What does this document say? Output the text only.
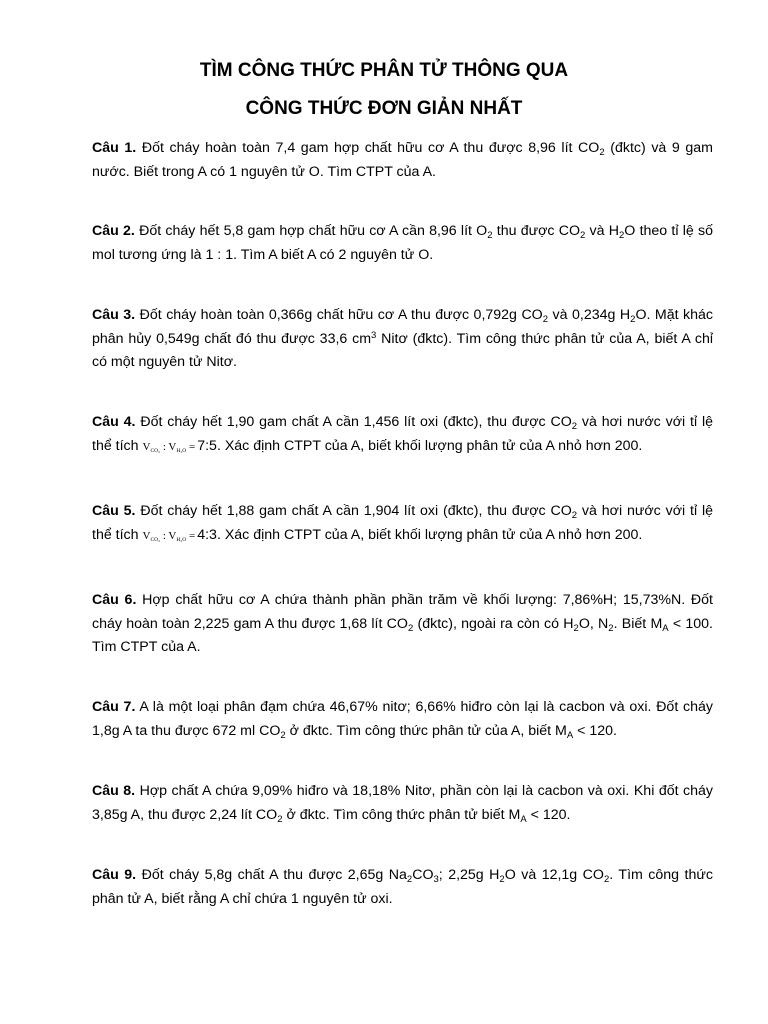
TÌM CÔNG THỨC PHÂN TỬ THÔNG QUA
CÔNG THỨC ĐƠN GIẢN NHẤT
Câu 1. Đốt cháy hoàn toàn 7,4 gam hợp chất hữu cơ A thu được 8,96 lít $CO_2$ (đktc) và 9 gam nước. Biết trong A có 1 nguyên tử O. Tìm CTPT của A.
Câu 2. Đốt cháy hết 5,8 gam hợp chất hữu cơ A cần 8,96 lít $O_2$ thu được $CO_2$ và $H_2O$ theo tỉ lệ số mol tương ứng là 1 : 1. Tìm A biết A có 2 nguyên tử O.
Câu 3. Đốt cháy hoàn toàn 0,366g chất hữu cơ A thu được 0,792g $CO_2$ và 0,234g $H_2O$. Mặt khác phân hủy 0,549g chất đó thu được 33,6 $cm^3$ Nitơ (đktc). Tìm công thức phân tử của A, biết A chỉ có một nguyên tử Nitơ.
Câu 4. Đốt cháy hết 1,90 gam chất A cần 1,456 lít oxi (đktc), thu được $CO_2$ và hơi nước với tỉ lệ thể tích $V_{CO_2}$ : $V_{H_2O}$ =7:5. Xác định CTPT của A, biết khối lượng phân tử của A nhỏ hơn 200.
Câu 5. Đốt cháy hết 1,88 gam chất A cần 1,904 lít oxi (đktc), thu được $CO_2$ và hơi nước với tỉ lệ thể tích $V_{CO_2}$ : $V_{H_2O}$ =4:3. Xác định CTPT của A, biết khối lượng phân tử của A nhỏ hơn 200.
Câu 6. Hợp chất hữu cơ A chứa thành phần phần trăm về khối lượng: 7,86%H; 15,73%N. Đốt cháy hoàn toàn 2,225 gam A thu được 1,68 lít $CO_2$ (đktc), ngoài ra còn có $H_2O$, $N_2$. Biết $M_A < 100$. Tìm CTPT của A.
Câu 7. A là một loại phân đạm chứa 46,67% nitơ; 6,66% hiđro còn lại là cacbon và oxi. Đốt cháy 1,8g A ta thu được 672 ml $CO_2$ ở đktc. Tìm công thức phân tử của A, biết $M_A < 120$.
Câu 8. Hợp chất A chứa 9,09% hiđro và 18,18% Nitơ, phần còn lại là cacbon và oxi. Khi đốt cháy 3,85g A, thu được 2,24 lít $CO_2$ ở đktc. Tìm công thức phân tử biết $M_A < 120$.
Câu 9. Đốt cháy 5,8g chất A thu được 2,65g $Na_2CO_3$; 2,25g $H_2O$ và 12,1g $CO_2$. Tìm công thức phân tử A, biết rằng A chỉ chứa 1 nguyên tử oxi.
